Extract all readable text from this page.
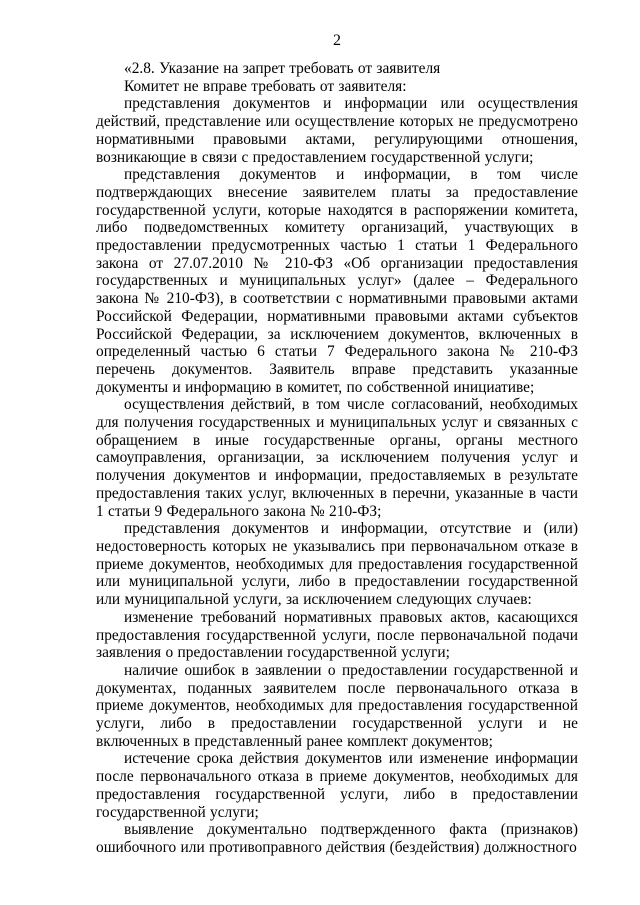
2

«2.8. Указание на запрет требовать от заявителя

Комитет не вправе требовать от заявителя:

представления документов и информации или осуществления действий, представление или осуществление которых не предусмотрено нормативными правовыми актами, регулирующими отношения, возникающие в связи с предоставлением государственной услуги;

представления документов и информации, в том числе подтверждающих внесение заявителем платы за предоставление государственной услуги, которые находятся в распоряжении комитета, либо подведомственных комитету организаций, участвующих в предоставлении предусмотренных частью 1 статьи 1 Федерального закона от 27.07.2010 № 210-ФЗ «Об организации предоставления государственных и муниципальных услуг» (далее – Федерального закона № 210-ФЗ), в соответствии с нормативными правовыми актами Российской Федерации, нормативными правовыми актами субъектов Российской Федерации, за исключением документов, включенных в определенный частью 6 статьи 7 Федерального закона № 210-ФЗ перечень документов. Заявитель вправе представить указанные документы и информацию в комитет, по собственной инициативе;

осуществления действий, в том числе согласований, необходимых для получения государственных и муниципальных услуг и связанных с обращением в иные государственные органы, органы местного самоуправления, организации, за исключением получения услуг и получения документов и информации, предоставляемых в результате предоставления таких услуг, включенных в перечни, указанные в части 1 статьи 9 Федерального закона № 210-ФЗ;

представления документов и информации, отсутствие и (или) недостоверность которых не указывались при первоначальном отказе в приеме документов, необходимых для предоставления государственной или муниципальной услуги, либо в предоставлении государственной или муниципальной услуги, за исключением следующих случаев:

изменение требований нормативных правовых актов, касающихся предоставления государственной услуги, после первоначальной подачи заявления о предоставлении государственной услуги;

наличие ошибок в заявлении о предоставлении государственной и документах, поданных заявителем после первоначального отказа в приеме документов, необходимых для предоставления государственной услуги, либо в предоставлении государственной услуги и не включенных в представленный ранее комплект документов;

истечение срока действия документов или изменение информации после первоначального отказа в приеме документов, необходимых для предоставления государственной услуги, либо в предоставлении государственной услуги;

выявление документально подтвержденного факта (признаков) ошибочного или противоправного действия (бездействия) должностного
